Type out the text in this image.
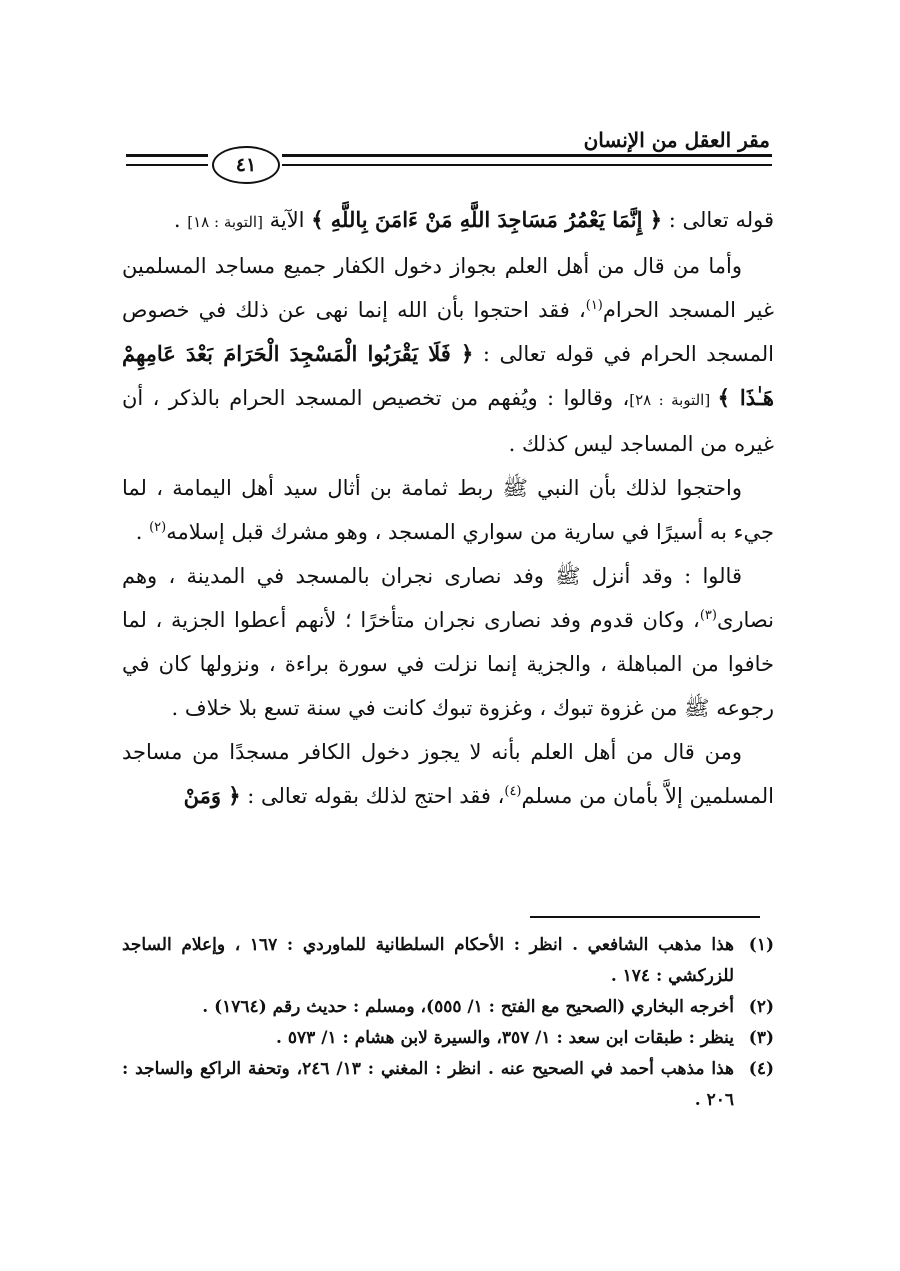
مقر العقل من الإنسان
٤١

قوله تعالى : ﴿ إِنَّمَا يَعْمُرُ مَسَاجِدَ اللَّهِ مَنْ ءَامَنَ بِاللَّهِ ﴾ الآية [التوبة : ١٨] .

وأما من قال من أهل العلم بجواز دخول الكفار جميع مساجد المسلمين غير المسجد الحرام$^{(١)}$، فقد احتجوا بأن الله إنما نهى عن ذلك في خصوص المسجد الحرام في قوله تعالى : ﴿ فَلَا يَقْرَبُوا الْمَسْجِدَ الْحَرَامَ بَعْدَ عَامِهِمْ هَـٰذَا ﴾ [التوبة : ٢٨]، وقالوا : ويُفهم من تخصيص المسجد الحرام بالذكر ، أن غيره من المساجد ليس كذلك .

واحتجوا لذلك بأن النبي ﷺ ربط ثمامة بن أثال سيد أهل اليمامة ، لما جيء به أسيرًا في سارية من سواري المسجد ، وهو مشرك قبل إسلامه$^{(٢)}$ .

قالوا : وقد أنزل ﷺ وفد نصارى نجران بالمسجد في المدينة ، وهم نصارى$^{(٣)}$، وكان قدوم وفد نصارى نجران متأخرًا ؛ لأنهم أعطوا الجزية ، لما خافوا من المباهلة ، والجزية إنما نزلت في سورة براءة ، ونزولها كان في رجوعه ﷺ من غزوة تبوك ، وغزوة تبوك كانت في سنة تسع بلا خلاف .

ومن قال من أهل العلم بأنه لا يجوز دخول الكافر مسجدًا من مساجد المسلمين إلاَّ بأمان من مسلم$^{(٤)}$، فقد احتج لذلك بقوله تعالى : ﴿ وَمَنْ

(١)
هذا مذهب الشافعي . انظر : الأحكام السلطانية للماوردي : ١٦٧ ، وإعلام الساجد للزركشي : ١٧٤ .
(٢)
أخرجه البخاري (الصحيح مع الفتح : ١/ ٥٥٥)، ومسلم : حديث رقم (١٧٦٤) .
(٣)
ينظر : طبقات ابن سعد : ١/ ٣٥٧، والسيرة لابن هشام : ١/ ٥٧٣ .
(٤)
هذا مذهب أحمد في الصحيح عنه . انظر : المغني : ١٣/ ٢٤٦، وتحفة الراكع والساجد : ٢٠٦ .
